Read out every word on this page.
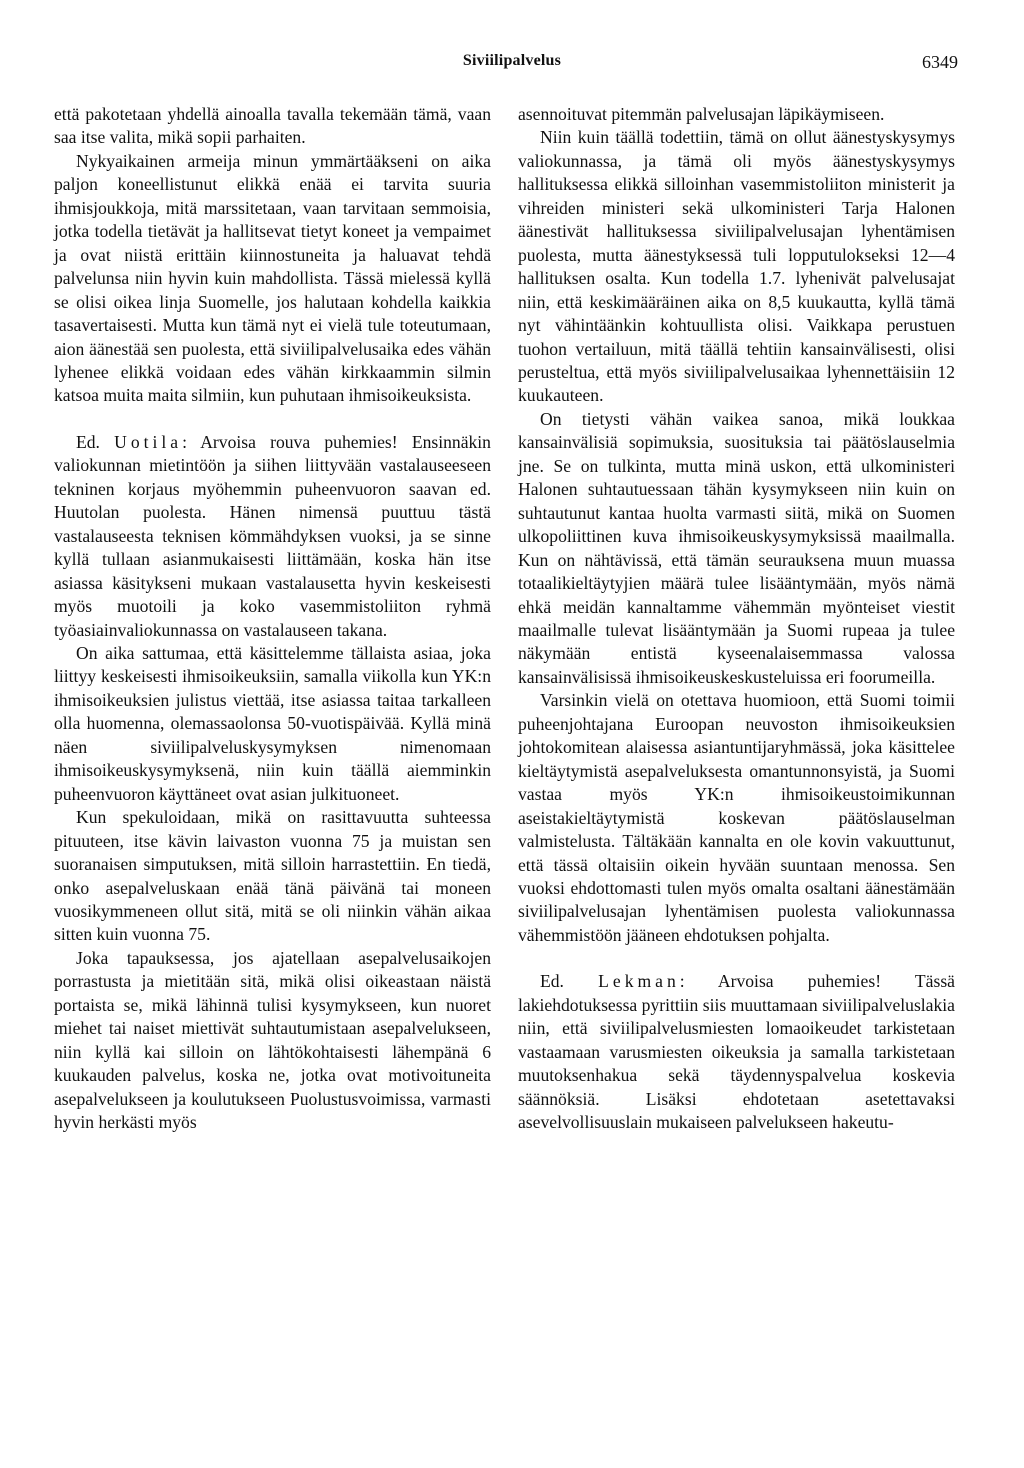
Siviilipalvelus	6349

että pakotetaan yhdellä ainoalla tavalla tekemään tämä, vaan saa itse valita, mikä sopii parhaiten.

Nykyaikainen armeija minun ymmärtääkseni on aika paljon koneellistunut elikkä enää ei tarvita suuria ihmisjoukkoja, mitä marssitetaan, vaan tarvitaan semmoisia, jotka todella tietävät ja hallitsevat tietyt koneet ja vempaimet ja ovat niistä erittäin kiinnostuneita ja haluavat tehdä palvelunsa niin hyvin kuin mahdollista. Tässä mielessä kyllä se olisi oikea linja Suomelle, jos halutaan kohdella kaikkia tasavertaisesti. Mutta kun tämä nyt ei vielä tule toteutumaan, aion äänestää sen puolesta, että siviilipalvelusaika edes vähän lyhenee elikkä voidaan edes vähän kirkkaammin silmin katsoa muita maita silmiin, kun puhutaan ihmisoikeuksista.

Ed. Uotila: Arvoisa rouva puhemies! Ensinnäkin valiokunnan mietintöön ja siihen liittyvään vastalauseeseen tekninen korjaus myöhemmin puheenvuoron saavan ed. Huutolan puolesta. Hänen nimensä puuttuu tästä vastalauseesta teknisen kömmähdyksen vuoksi, ja se sinne kyllä tullaan asianmukaisesti liittämään, koska hän itse asiassa käsitykseni mukaan vastalausetta hyvin keskeisesti myös muotoili ja koko vasemmistoliiton ryhmä työasiainvaliokunnassa on vastalauseen takana.

On aika sattumaa, että käsittelemme tällaista asiaa, joka liittyy keskeisesti ihmisoikeuksiin, samalla viikolla kun YK:n ihmisoikeuksien julistus viettää, itse asiassa taitaa tarkalleen olla huomenna, olemassaolonsa 50-vuotispäivää. Kyllä minä näen siviilipalveluskysymyksen nimenomaan ihmisoikeuskysymyksenä, niin kuin täällä aiemminkin puheenvuoron käyttäneet ovat asian julkituoneet.

Kun spekuloidaan, mikä on rasittavuutta suhteessa pituuteen, itse kävin laivaston vuonna 75 ja muistan sen suoranaisen simputuksen, mitä silloin harrastettiin. En tiedä, onko asepalveluskaan enää tänä päivänä tai moneen vuosikymmeneen ollut sitä, mitä se oli niinkin vähän aikaa sitten kuin vuonna 75.

Joka tapauksessa, jos ajatellaan asepalvelusaikojen porrastusta ja mietitään sitä, mikä olisi oikeastaan näistä portaista se, mikä lähinnä tulisi kysymykseen, kun nuoret miehet tai naiset miettivät suhtautumistaan asepalvelukseen, niin kyllä kai silloin on lähtökohtaisesti lähempänä 6 kuukauden palvelus, koska ne, jotka ovat motivoituneita asepalvelukseen ja koulutukseen Puolustusvoimissa, varmasti hyvin herkästi myös

asennoituvat pitemmän palvelusajan läpikäymiseen.

Niin kuin täällä todettiin, tämä on ollut äänestyskysymys valiokunnassa, ja tämä oli myös äänestyskysymys hallituksessa elikkä silloinhan vasemmistoliiton ministerit ja vihreiden ministeri sekä ulkoministeri Tarja Halonen äänestivät hallituksessa siviilipalvelusajan lyhentämisen puolesta, mutta äänestyksessä tuli lopputulokseksi 12—4 hallituksen osalta. Kun todella 1.7. lyhenivät palvelusajat niin, että keskimääräinen aika on 8,5 kuukautta, kyllä tämä nyt vähintäänkin kohtuullista olisi. Vaikkapa perustuen tuohon vertailuun, mitä täällä tehtiin kansainvälisesti, olisi perusteltua, että myös siviilipalvelusaikaa lyhennettäisiin 12 kuukauteen.

On tietysti vähän vaikea sanoa, mikä loukkaa kansainvälisiä sopimuksia, suosituksia tai päätöslauselmia jne. Se on tulkinta, mutta minä uskon, että ulkoministeri Halonen suhtautuessaan tähän kysymykseen niin kuin on suhtautunut kantaa huolta varmasti siitä, mikä on Suomen ulkopoliittinen kuva ihmisoikeuskysymyksissä maailmalla. Kun on nähtävissä, että tämän seurauksena muun muassa totaalikieltäytyjien määrä tulee lisääntymään, myös nämä ehkä meidän kannaltamme vähemmän myönteiset viestit maailmalle tulevat lisääntymään ja Suomi rupeaa ja tulee näkymään entistä kyseenalaisemmassa valossa kansainvälisissä ihmisoikeuskeskusteluissa eri foorumeilla.

Varsinkin vielä on otettava huomioon, että Suomi toimii puheenjohtajana Euroopan neuvoston ihmisoikeuksien johtokomitean alaisessa asiantuntijaryhmässä, joka käsittelee kieltäytymistä asepalveluksesta omantunnonsyistä, ja Suomi vastaa myös YK:n ihmisoikeustoimikunnan aseistakieltäytymistä koskevan päätöslauselman valmistelusta. Tältäkään kannalta en ole kovin vakuuttunut, että tässä oltaisiin oikein hyvään suuntaan menossa. Sen vuoksi ehdottomasti tulen myös omalta osaltani äänestämään siviilipalvelusajan lyhentämisen puolesta valiokunnassa vähemmistöön jääneen ehdotuksen pohjalta.

Ed. Lekman: Arvoisa puhemies! Tässä lakiehdotuksessa pyrittiin siis muuttamaan siviilipalveluslakia niin, että siviilipalvelusmiesten lomaoikeudet tarkistetaan vastaamaan varusmiesten oikeuksia ja samalla tarkistetaan muutoksenhakua sekä täydennyspalvelua koskevia säännöksiä. Lisäksi ehdotetaan asetettavaksi asevelvollisuuslain mukaiseen palvelukseen hakeutu-
